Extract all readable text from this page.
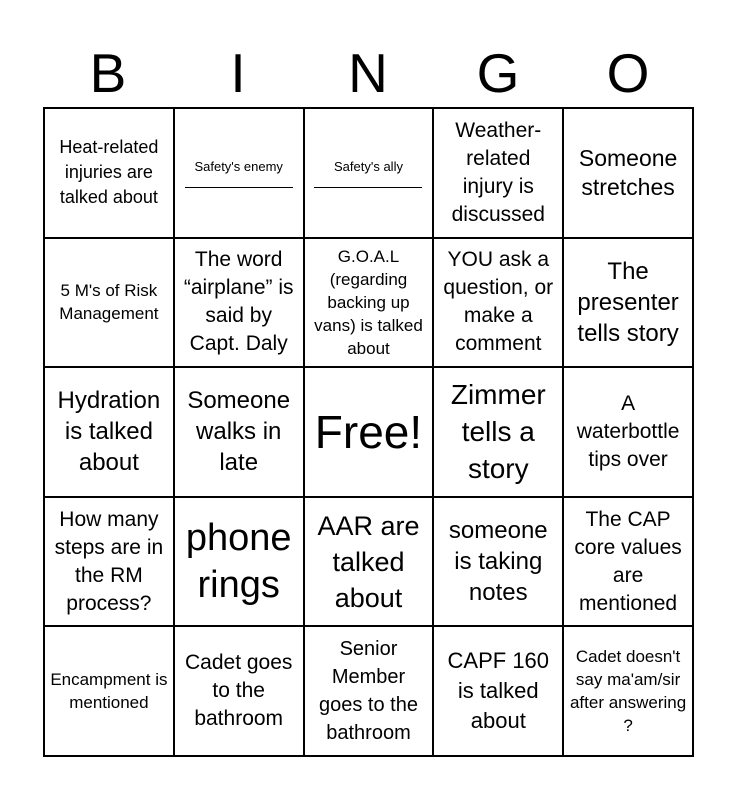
B	I	N	G	O
Heat-related injuries are talked about
Safety's enemy	Safety's ally
Weather-related injury is discussed
Someone stretches
5 M's of Risk Management
The word “airplane” is said by Capt. Daly
G.O.A.L (regarding backing up vans) is talked about
YOU ask a question, or make a comment
The presenter tells story
Hydration is talked about
Someone walks in late
Free!
Zimmer tells a story
A waterbottle tips over
How many steps are in the RM process?
phone rings
AAR are talked about
someone is taking notes
The CAP core values are mentioned
Encampment is mentioned
Cadet goes to the bathroom
Senior Member goes to the bathroom
CAPF 160 is talked about
Cadet doesn't say ma'am/sir after answering ?
